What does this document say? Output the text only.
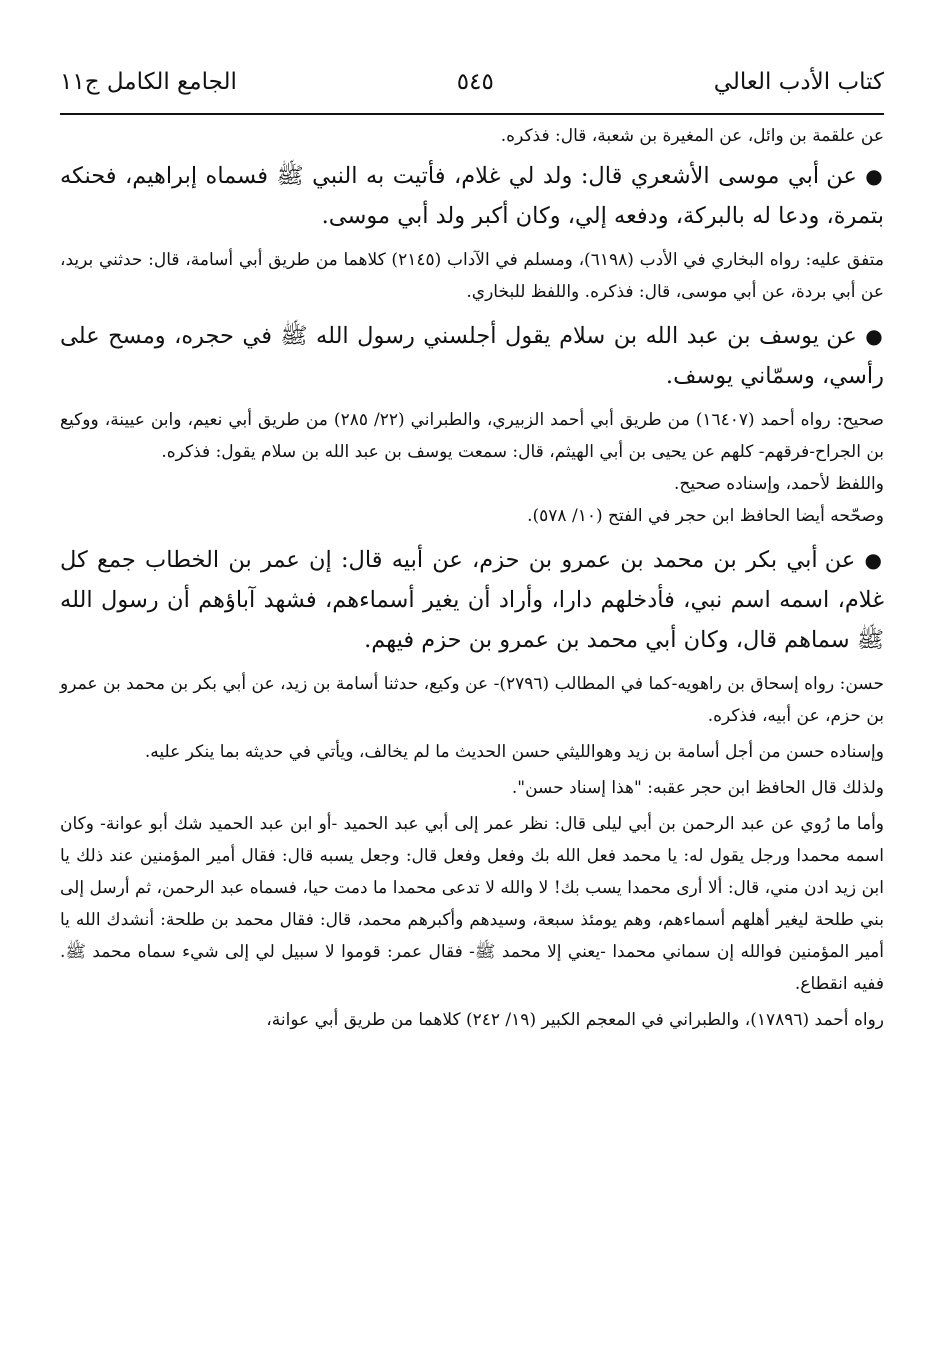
كتاب الأدب العالي
٥٤٥
الجامع الكامل ج١١

عن علقمة بن وائل، عن المغيرة بن شعبة، قال: فذكره.

● عن أبي موسى الأشعري قال: ولد لي غلام، فأتيت به النبي ﷺ فسماه إبراهيم، فحنكه بتمرة، ودعا له بالبركة، ودفعه إلي، وكان أكبر ولد أبي موسى.

متفق عليه: رواه البخاري في الأدب (٦١٩٨)، ومسلم في الآداب (٢١٤٥) كلاهما من طريق أبي أسامة، قال: حدثني بريد، عن أبي بردة، عن أبي موسى، قال: فذكره. واللفظ للبخاري.

● عن يوسف بن عبد الله بن سلام يقول أجلسني رسول الله ﷺ في حجره، ومسح على رأسي، وسمّاني يوسف.

صحيح: رواه أحمد (١٦٤٠٧) من طريق أبي أحمد الزبيري، والطبراني (٢٢/ ٢٨٥) من طريق أبي نعيم، وابن عيينة، ووكيع بن الجراح-فرقهم- كلهم عن يحيى بن أبي الهيثم، قال: سمعت يوسف بن عبد الله بن سلام يقول: فذكره.

واللفظ لأحمد، وإسناده صحيح.

وصحّحه أيضا الحافظ ابن حجر في الفتح (١٠/ ٥٧٨).

● عن أبي بكر بن محمد بن عمرو بن حزم، عن أبيه قال: إن عمر بن الخطاب جمع كل غلام، اسمه اسم نبي، فأدخلهم دارا، وأراد أن يغير أسماءهم، فشهد آباؤهم أن رسول الله ﷺ سماهم قال، وكان أبي محمد بن عمرو بن حزم فيهم.

حسن: رواه إسحاق بن راهويه-كما في المطالب (٢٧٩٦)- عن وكيع، حدثنا أسامة بن زيد، عن أبي بكر بن محمد بن عمرو بن حزم، عن أبيه، فذكره.

وإسناده حسن من أجل أسامة بن زيد وهوالليثي حسن الحديث ما لم يخالف، ويأتي في حديثه بما ينكر عليه.

ولذلك قال الحافظ ابن حجر عقبه: "هذا إسناد حسن".

وأما ما رُوي عن عبد الرحمن بن أبي ليلى قال: نظر عمر إلى أبي عبد الحميد -أو ابن عبد الحميد شك أبو عوانة- وكان اسمه محمدا ورجل يقول له: يا محمد فعل الله بك وفعل وفعل قال: وجعل يسبه قال: فقال أمير المؤمنين عند ذلك يا ابن زيد ادن مني، قال: ألا أرى محمدا يسب بك! لا والله لا تدعى محمدا ما دمت حيا، فسماه عبد الرحمن، ثم أرسل إلى بني طلحة ليغير أهلهم أسماءهم، وهم يومئذ سبعة، وسيدهم وأكبرهم محمد، قال: فقال محمد بن طلحة: أنشدك الله يا أمير المؤمنين فوالله إن سماني محمدا -يعني إلا محمد ﷺ- فقال عمر: قوموا لا سبيل لي إلى شيء سماه محمد ﷺ. ففيه انقطاع.

رواه أحمد (١٧٨٩٦)، والطبراني في المعجم الكبير (١٩/ ٢٤٢) كلاهما من طريق أبي عوانة،
